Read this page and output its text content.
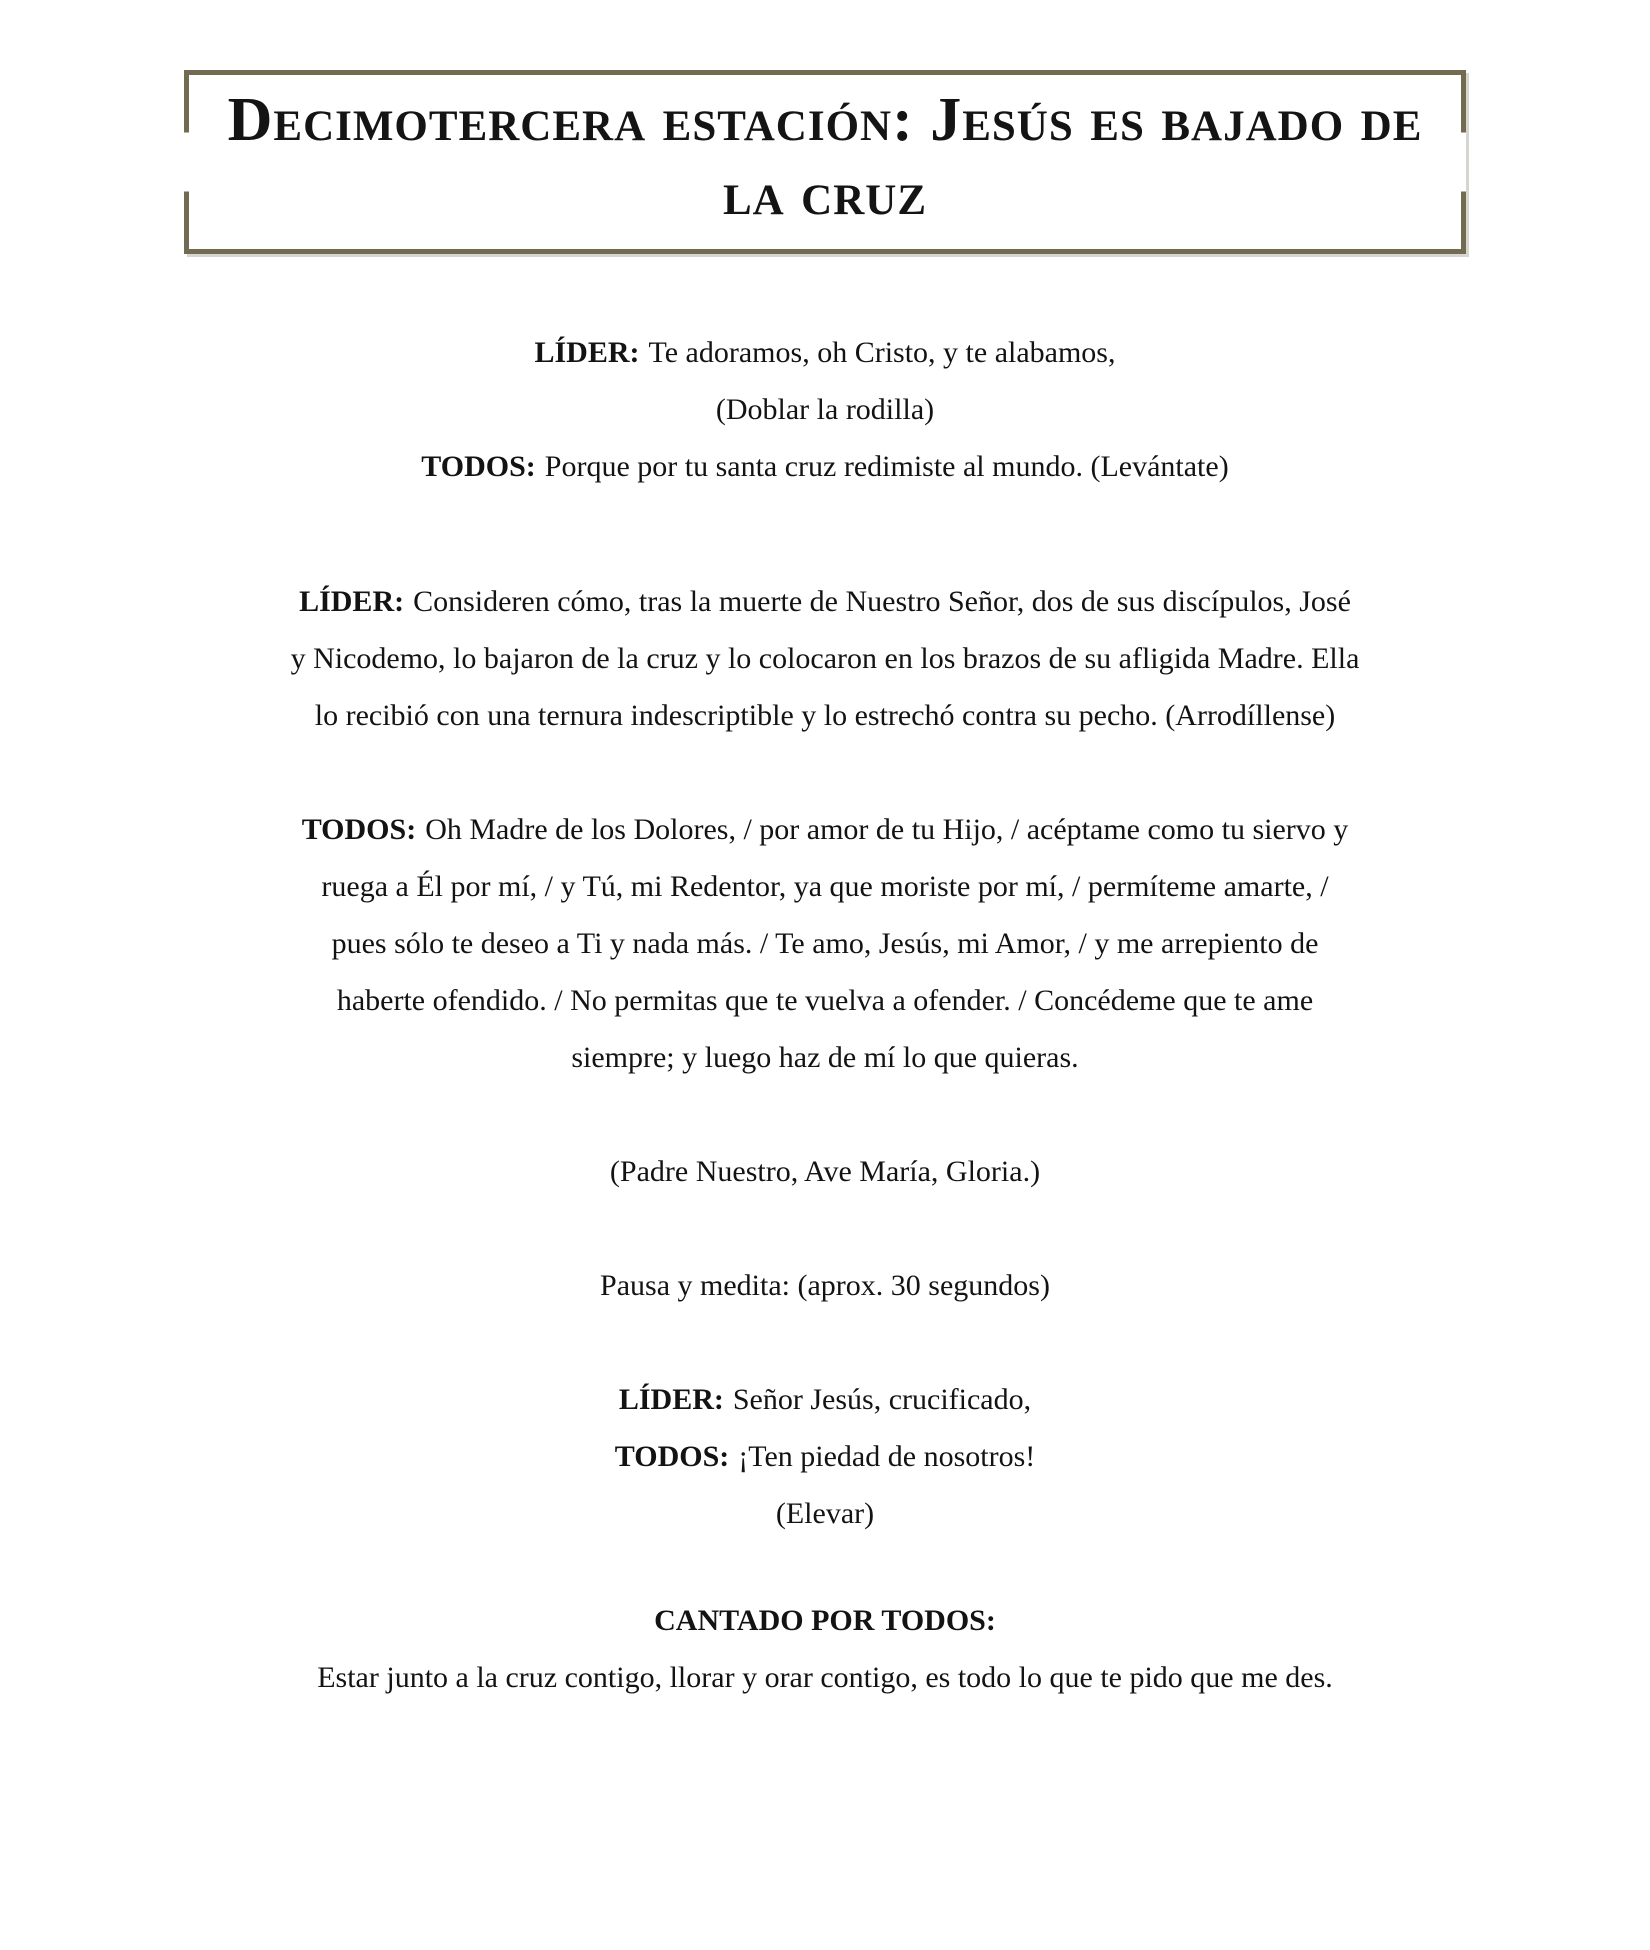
Decimotercera estación: Jesús es bajado de la cruz

LÍDER: Te adoramos, oh Cristo, y te alabamos,

(Doblar la rodilla)

TODOS: Porque por tu santa cruz redimiste al mundo. (Levántate)

LÍDER: Consideren cómo, tras la muerte de Nuestro Señor, dos de sus discípulos, José

y Nicodemo, lo bajaron de la cruz y lo colocaron en los brazos de su afligida Madre. Ella

lo recibió con una ternura indescriptible y lo estrechó contra su pecho. (Arrodíllense)

TODOS: Oh Madre de los Dolores, / por amor de tu Hijo, / acéptame como tu siervo y

ruega a Él por mí, / y Tú, mi Redentor, ya que moriste por mí, / permíteme amarte, /

pues sólo te deseo a Ti y nada más. / Te amo, Jesús, mi Amor, / y me arrepiento de

haberte ofendido. / No permitas que te vuelva a ofender. / Concédeme que te ame

siempre; y luego haz de mí lo que quieras.

(Padre Nuestro, Ave María, Gloria.)

Pausa y medita: (aprox. 30 segundos)

LÍDER: Señor Jesús, crucificado,

TODOS: ¡Ten piedad de nosotros!

(Elevar)

CANTADO POR TODOS:

Estar junto a la cruz contigo, llorar y orar contigo, es todo lo que te pido que me des.
